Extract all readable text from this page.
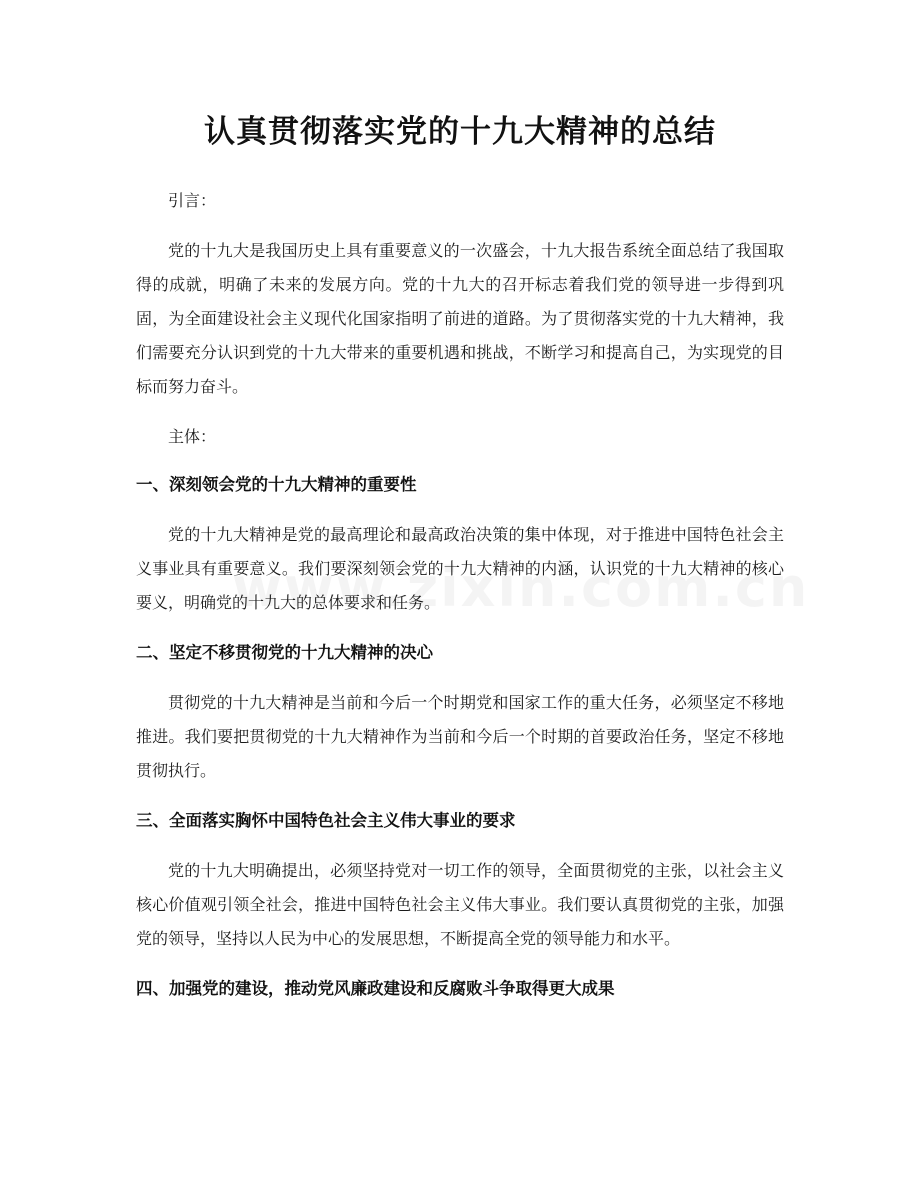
认真贯彻落实党的十九大精神的总结

引言：

党的十九大是我国历史上具有重要意义的一次盛会，十九大报告系统全面总结了我国取得的成就，明确了未来的发展方向。党的十九大的召开标志着我们党的领导进一步得到巩固，为全面建设社会主义现代化国家指明了前进的道路。为了贯彻落实党的十九大精神，我们需要充分认识到党的十九大带来的重要机遇和挑战，不断学习和提高自己，为实现党的目标而努力奋斗。

主体：

一、深刻领会党的十九大精神的重要性

党的十九大精神是党的最高理论和最高政治决策的集中体现，对于推进中国特色社会主义事业具有重要意义。我们要深刻领会党的十九大精神的内涵，认识党的十九大精神的核心要义，明确党的十九大的总体要求和任务。

二、坚定不移贯彻党的十九大精神的决心

贯彻党的十九大精神是当前和今后一个时期党和国家工作的重大任务，必须坚定不移地推进。我们要把贯彻党的十九大精神作为当前和今后一个时期的首要政治任务，坚定不移地贯彻执行。

三、全面落实胸怀中国特色社会主义伟大事业的要求

党的十九大明确提出，必须坚持党对一切工作的领导，全面贯彻党的主张，以社会主义核心价值观引领全社会，推进中国特色社会主义伟大事业。我们要认真贯彻党的主张，加强党的领导，坚持以人民为中心的发展思想，不断提高全党的领导能力和水平。

四、加强党的建设，推动党风廉政建设和反腐败斗争取得更大成果
